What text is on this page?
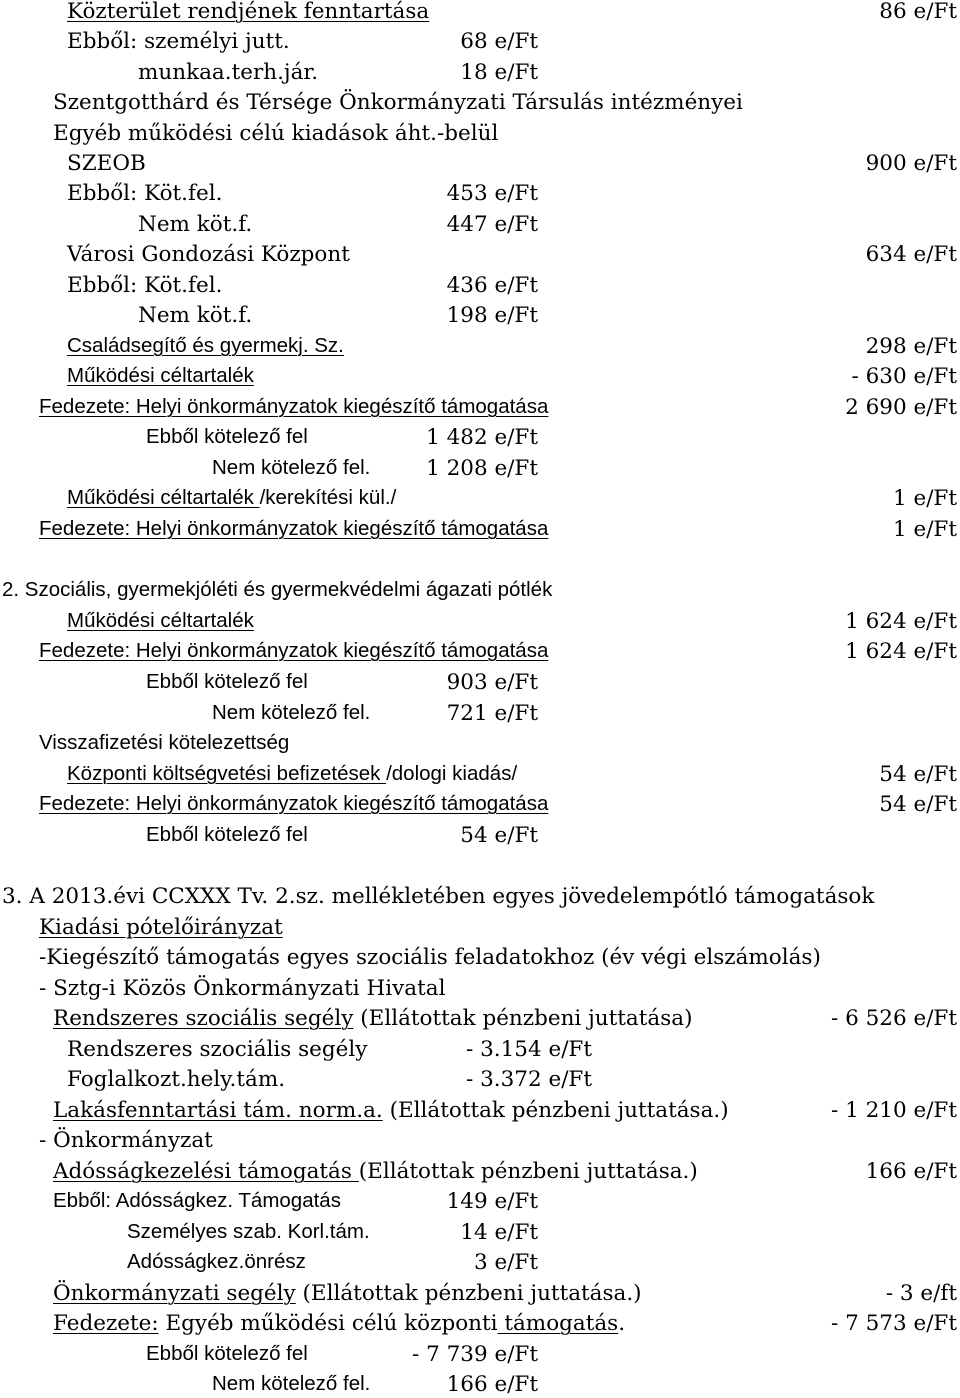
Közterület rendjének fenntartása	86 e/Ft
Ebből: személyi jutt.	68 e/Ft
munkaa.terh.jár.	18 e/Ft
Szentgotthárd és Térsége Önkormányzati Társulás intézményei
Egyéb működési célú kiadások áht.-belül
SZEOB	900 e/Ft
Ebből: Köt.fel.	453 e/Ft
Nem köt.f.	447 e/Ft
Városi Gondozási Központ	634 e/Ft
Ebből: Köt.fel.	436 e/Ft
Nem köt.f.	198 e/Ft
Családsegítő és gyermekj. Sz.	298 e/Ft
Működési céltartalék	- 630 e/Ft
Fedezete: Helyi önkormányzatok kiegészítő támogatása	2 690 e/Ft
Ebből kötelező fel	1 482 e/Ft
Nem kötelező fel.	1 208 e/Ft
Működési céltartalék /kerekítési kül./	1 e/Ft
Fedezete: Helyi önkormányzatok kiegészítő támogatása	1 e/Ft
2. Szociális, gyermekjóléti és gyermekvédelmi ágazati pótlék
Működési céltartalék	1 624 e/Ft
Fedezete: Helyi önkormányzatok kiegészítő támogatása	1 624 e/Ft
Ebből kötelező fel	903 e/Ft
Nem kötelező fel.	721 e/Ft
Visszafizetési kötelezettség
Központi költségvetési befizetések /dologi kiadás/	54 e/Ft
Fedezete: Helyi önkormányzatok kiegészítő támogatása	54 e/Ft
Ebből kötelező fel	54 e/Ft
3. A 2013.évi CCXXX Tv. 2.sz. mellékletében egyes jövedelempótló támogatások
Kiadási pótelőirányzat
-Kiegészítő támogatás egyes szociális feladatokhoz (év végi elszámolás)
- Sztg-i Közös Önkormányzati Hivatal
Rendszeres szociális segély (Ellátottak pénzbeni juttatása)	- 6 526 e/Ft
Rendszeres szociális segély	- 3.154 e/Ft
Foglalkozt.hely.tám.	- 3.372 e/Ft
Lakásfenntartási tám. norm.a. (Ellátottak pénzbeni juttatása.)	- 1 210 e/Ft
- Önkormányzat
Adósságkezelési támogatás (Ellátottak pénzbeni juttatása.)	166 e/Ft
Ebből: Adósságkez. Támogatás	149 e/Ft
Személyes szab. Korl.tám.	14 e/Ft
Adósságkez.önrész	3 e/Ft
Önkormányzati segély (Ellátottak pénzbeni juttatása.)	- 3 e/ft
Fedezete: Egyéb működési célú központi támogatás.	- 7 573 e/Ft
Ebből kötelező fel	- 7 739 e/Ft
Nem kötelező fel.	166 e/Ft
